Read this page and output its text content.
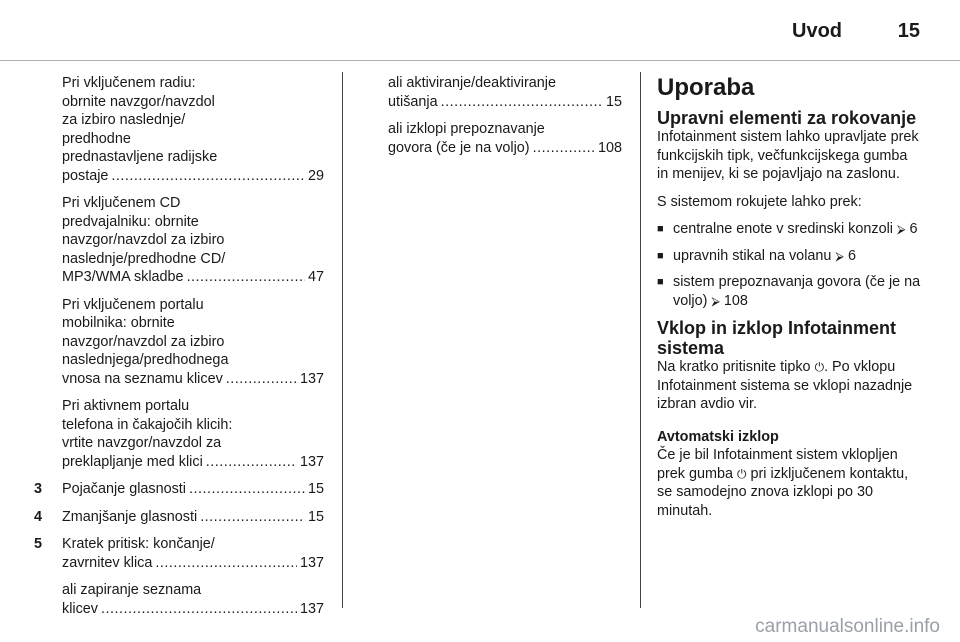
Uvod	15
Pri vključenem radiu:
obrnite navzgor/navzdol
za izbiro naslednje/
predhodne
prednastavljene radijske
postaje .....	29
Pri vključenem CD
predvajalniku: obrnite
navzgor/navzdol za izbiro
naslednje/predhodne CD/
MP3/WMA skladbe .....	47
Pri vključenem portalu
mobilnika: obrnite
navzgor/navzdol za izbiro
naslednjega/predhodnega
vnosa na seznamu klicev .....	137
Pri aktivnem portalu
telefona in čakajočih klicih:
vrtite navzgor/navzdol za
preklapljanje med klici .....	137
3 Pojačanje glasnosti .....	15
4 Zmanjšanje glasnosti .....	15
5 Kratek pritisk: končanje/
zavrnitev klica .....	137
ali zapiranje seznama
klicev .....	137
ali aktiviranje/deaktiviranje
utišanja .....	15
ali izklopi prepoznavanje
govora (če je na voljo) .....	108
Uporaba
Upravni elementi za rokovanje
Infotainment sistem lahko upravljate prek funkcijskih tipk, večfunkcijskega gumba in menijev, ki se pojavljajo na zaslonu.
S sistemom rokujete lahko prek:
■ centralne enote v sredinski konzoli ⮚ 6
■ upravnih stikal na volanu ⮚ 6
■ sistem prepoznavanja govora (če je na voljo) ⮚ 108
Vklop in izklop Infotainment sistema
Na kratko pritisnite tipko ⏻. Po vklopu Infotainment sistema se vklopi nazadnje izbran avdio vir.
Avtomatski izklop
Če je bil Infotainment sistem vklopljen prek gumba ⏻ pri izključenem kontaktu, se samodejno znova izklopi po 30 minutah.
carmanualsonline.info
